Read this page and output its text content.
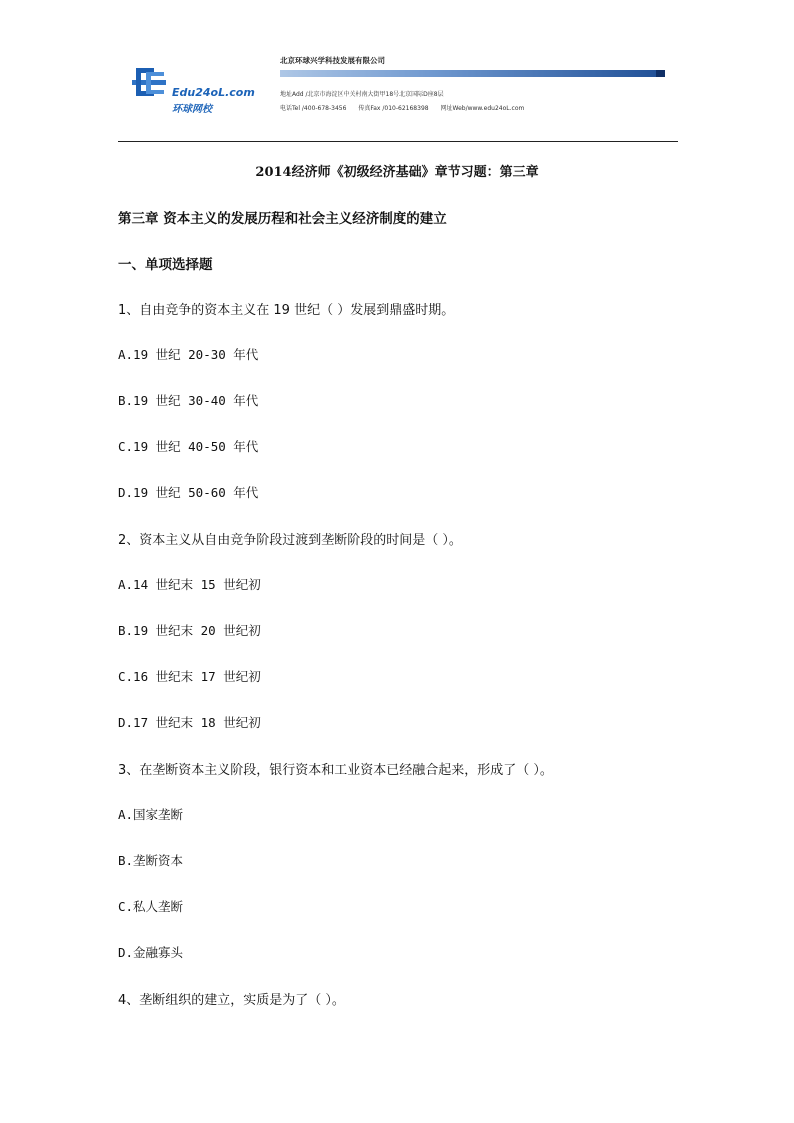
Edu24oL.com
环球网校
北京环球兴学科技发展有限公司
地址Add /北京市海淀区中关村南大街甲18号北京国际D座8层
电话Tel /400-678-3456 传真Fax /010-62168398 网址Web/www.edu24oL.com
2014经济师《初级经济基础》章节习题：第三章
第三章 资本主义的发展历程和社会主义经济制度的建立
一、单项选择题
1、自由竞争的资本主义在 19 世纪（ ）发展到鼎盛时期。
A.19 世纪 20-30 年代
B.19 世纪 30-40 年代
C.19 世纪 40-50 年代
D.19 世纪 50-60 年代
2、资本主义从自由竞争阶段过渡到垄断阶段的时间是（ ）。
A.14 世纪末 15 世纪初
B.19 世纪末 20 世纪初
C.16 世纪末 17 世纪初
D.17 世纪末 18 世纪初
3、在垄断资本主义阶段，银行资本和工业资本已经融合起来，形成了（ ）。
A.国家垄断
B.垄断资本
C.私人垄断
D.金融寡头
4、垄断组织的建立，实质是为了（ ）。
